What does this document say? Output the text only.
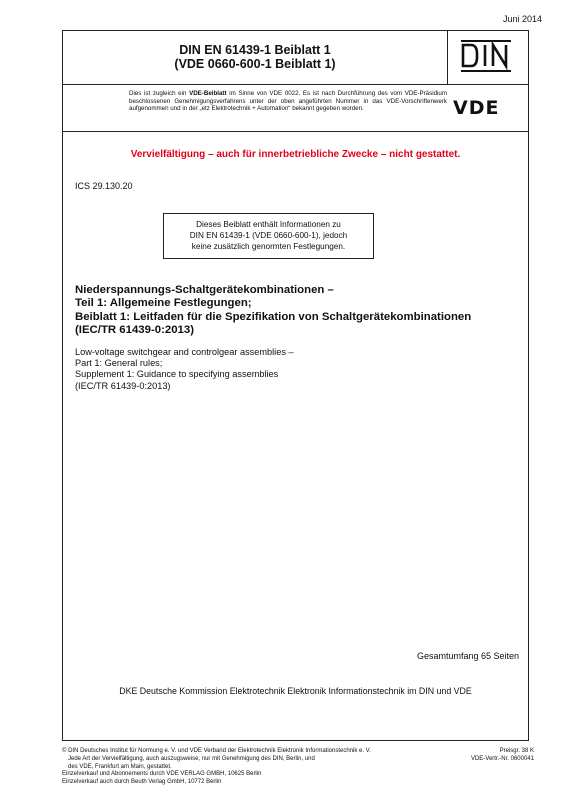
Juni 2014
DIN EN 61439-1 Beiblatt 1
(VDE 0660-600-1 Beiblatt 1)
Dies ist zugleich ein VDE-Beiblatt im Sinne von VDE 0022. Es ist nach Durchführung des vom VDE-Präsidium beschlossenen Genehmigungsverfahrens unter der oben angeführten Nummer in das VDE-Vorschriftenwerk aufgenommen und in der „etz Elektrotechnik + Automation“ bekannt gegeben worden.	VDE
Vervielfältigung – auch für innerbetriebliche Zwecke – nicht gestattet.
ICS 29.130.20
Dieses Beiblatt enthält Informationen zu
DIN EN 61439-1 (VDE 0660-600-1), jedoch
keine zusätzlich genormten Festlegungen.
Niederspannungs-Schaltgerätekombinationen –
Teil 1: Allgemeine Festlegungen;
Beiblatt 1: Leitfaden für die Spezifikation von Schaltgerätekombinationen
(IEC/TR 61439-0:2013)
Low-voltage switchgear and controlgear assemblies –
Part 1: General rules;
Supplement 1: Guidance to specifying assemblies
(IEC/TR 61439-0:2013)
Gesamtumfang 65 Seiten
DKE Deutsche Kommission Elektrotechnik Elektronik Informationstechnik im DIN und VDE
© DIN Deutsches Institut für Normung e. V. und VDE Verband der Elektrotechnik Elektronik Informationstechnik e. V.
Jede Art der Vervielfältigung, auch auszugsweise, nur mit Genehmigung des DIN, Berlin, und
des VDE, Frankfurt am Main, gestattet.
Einzelverkauf und Abonnements durch VDE VERLAG GMBH, 10625 Berlin
Einzelverkauf auch durch Beuth Verlag GmbH, 10772 Berlin
Preisgr. 38 K
VDE-Vertr.-Nr. 0600041
